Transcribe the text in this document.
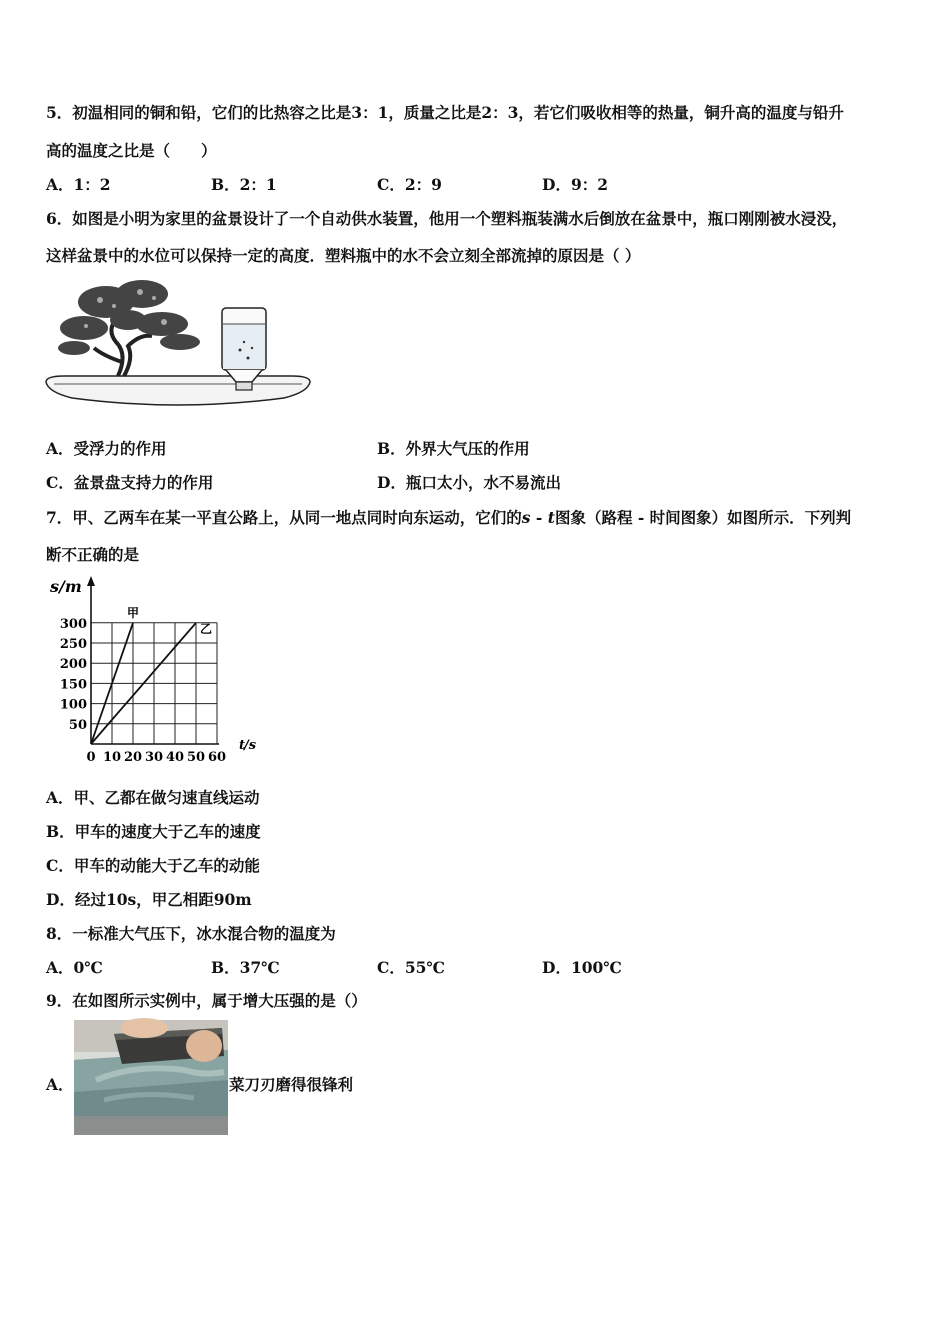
5．初温相同的铜和铅，它们的比热容之比是3：1，质量之比是2：3，若它们吸收相等的热量，铜升高的温度与铅升
高的温度之比是（　　）
A．1：2	B．2：1	C．2：9	D．9：2
6．如图是小明为家里的盆景设计了一个自动供水装置，他用一个塑料瓶装满水后倒放在盆景中，瓶口刚刚被水浸没，
这样盆景中的水位可以保持一定的高度．塑料瓶中的水不会立刻全部流掉的原因是（ ）
A．受浮力的作用	B．外界大气压的作用
C．盆景盘支持力的作用	D．瓶口太小，水不易流出
7．甲、乙两车在某一平直公路上，从同一地点同时向东运动，它们的s - t图象（路程 - 时间图象）如图所示．下列判
断不正确的是
0 10 20 30 40 50 60
50
100
150
200
250
300
甲
乙
s /m
t
/s
A．甲、乙都在做匀速直线运动
B．甲车的速度大于乙车的速度
C．甲车的动能大于乙车的动能
D．经过10s，甲乙相距90m
8．一标准大气压下，冰水混合物的温度为
A．0℃	B．37℃	C．55℃	D．100℃
9．在如图所示实例中，属于增大压强的是（）
A．	菜刀刃磨得很锋利
